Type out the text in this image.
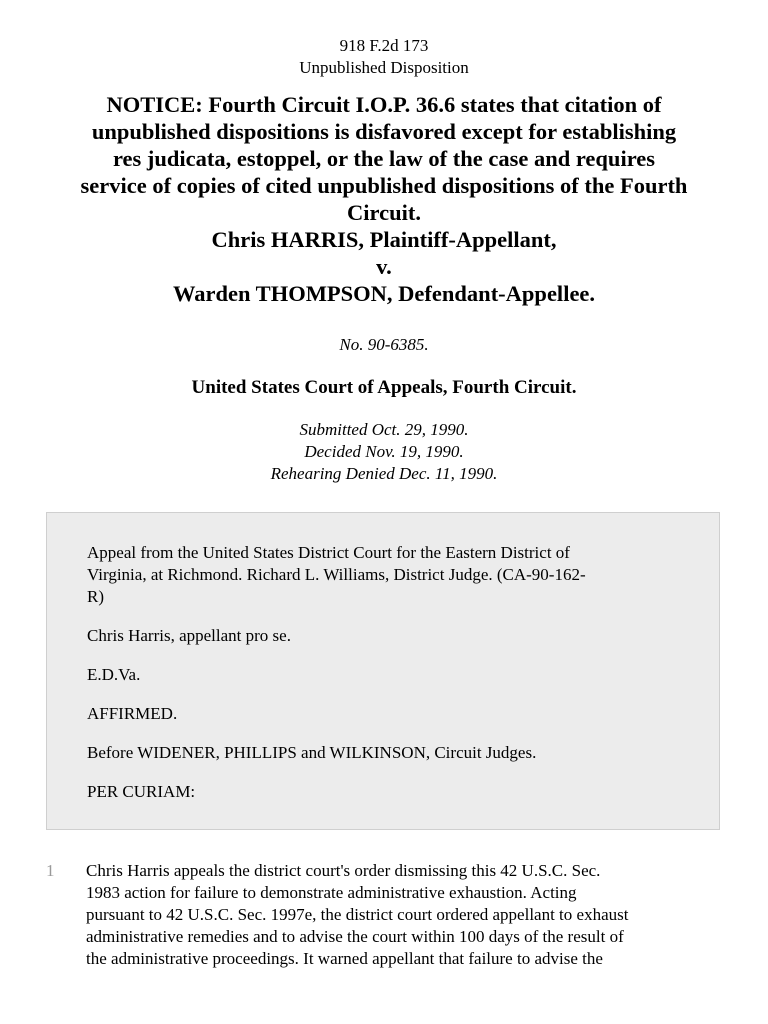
918 F.2d 173
Unpublished Disposition
NOTICE: Fourth Circuit I.O.P. 36.6 states that citation of
unpublished dispositions is disfavored except for establishing
res judicata, estoppel, or the law of the case and requires
service of copies of cited unpublished dispositions of the Fourth
Circuit.
Chris HARRIS, Plaintiff-Appellant,
v.
Warden THOMPSON, Defendant-Appellee.
No. 90-6385.
United States Court of Appeals, Fourth Circuit.
Submitted Oct. 29, 1990.
Decided Nov. 19, 1990.
Rehearing Denied Dec. 11, 1990.

Appeal from the United States District Court for the Eastern District of
Virginia, at Richmond. Richard L. Williams, District Judge. (CA-90-162-
R)

Chris Harris, appellant pro se.

E.D.Va.

AFFIRMED.

Before WIDENER, PHILLIPS and WILKINSON, Circuit Judges.

PER CURIAM:

1 Chris Harris appeals the district court's order dismissing this 42 U.S.C. Sec.
1983 action for failure to demonstrate administrative exhaustion. Acting
pursuant to 42 U.S.C. Sec. 1997e, the district court ordered appellant to exhaust
administrative remedies and to advise the court within 100 days of the result of
the administrative proceedings. It warned appellant that failure to advise the
